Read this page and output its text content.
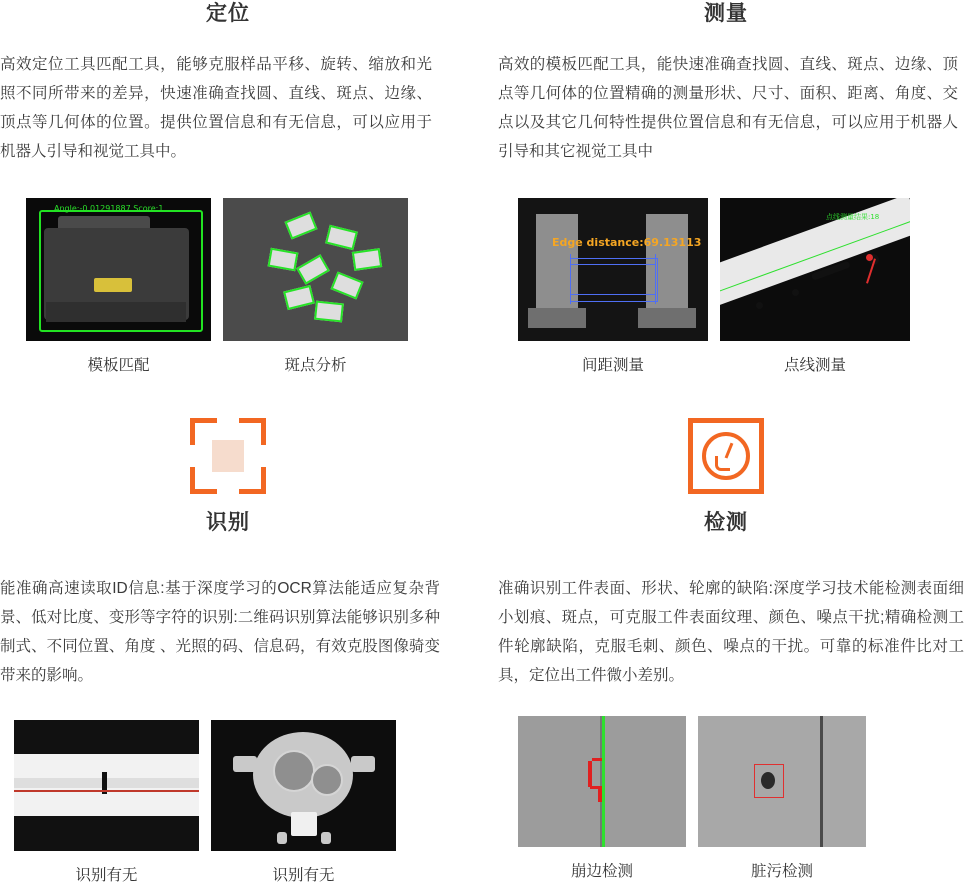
定位
高效定位工具匹配工具，能够克服样品平移、旋转、缩放和光照不同所带来的差异，快速准确查找圆、直线、斑点、边缘、顶点等几何体的位置。提供位置信息和有无信息，可以应用于机器人引导和视觉工具中。
Angle:-0.01291887 Score:1
模板匹配	斑点分析
识别
能准确高速读取ID信息:基于深度学习的OCR算法能适应复杂背景、低对比度、变形等字符的识别:二维码识别算法能够识别多种制式、不同位置、角度 、光照的码、信息码，有效克股图像骑变带来的影响。
识别有无	识别有无
测量
高效的模板匹配工具，能快速准确查找圆、直线、斑点、边缘、顶点等几何体的位置精确的测量形状、尺寸、面积、距离、角度、交点以及其它几何特性提供位置信息和有无信息，可以应用于机器人引导和其它视觉工具中
Edge distance:69.13113
间距测量
点线测量结果:18
点线测量
检测
准确识别工件表面、形状、轮廓的缺陷:深度学习技术能检测表面细小划痕、斑点，可克服工件表面纹理、颜色、噪点干扰;精确检测工件轮廓缺陷，克服毛刺、颜色、噪点的干扰。可靠的标准件比对工具，定位出工件微小差别。
崩边检测	脏污检测
